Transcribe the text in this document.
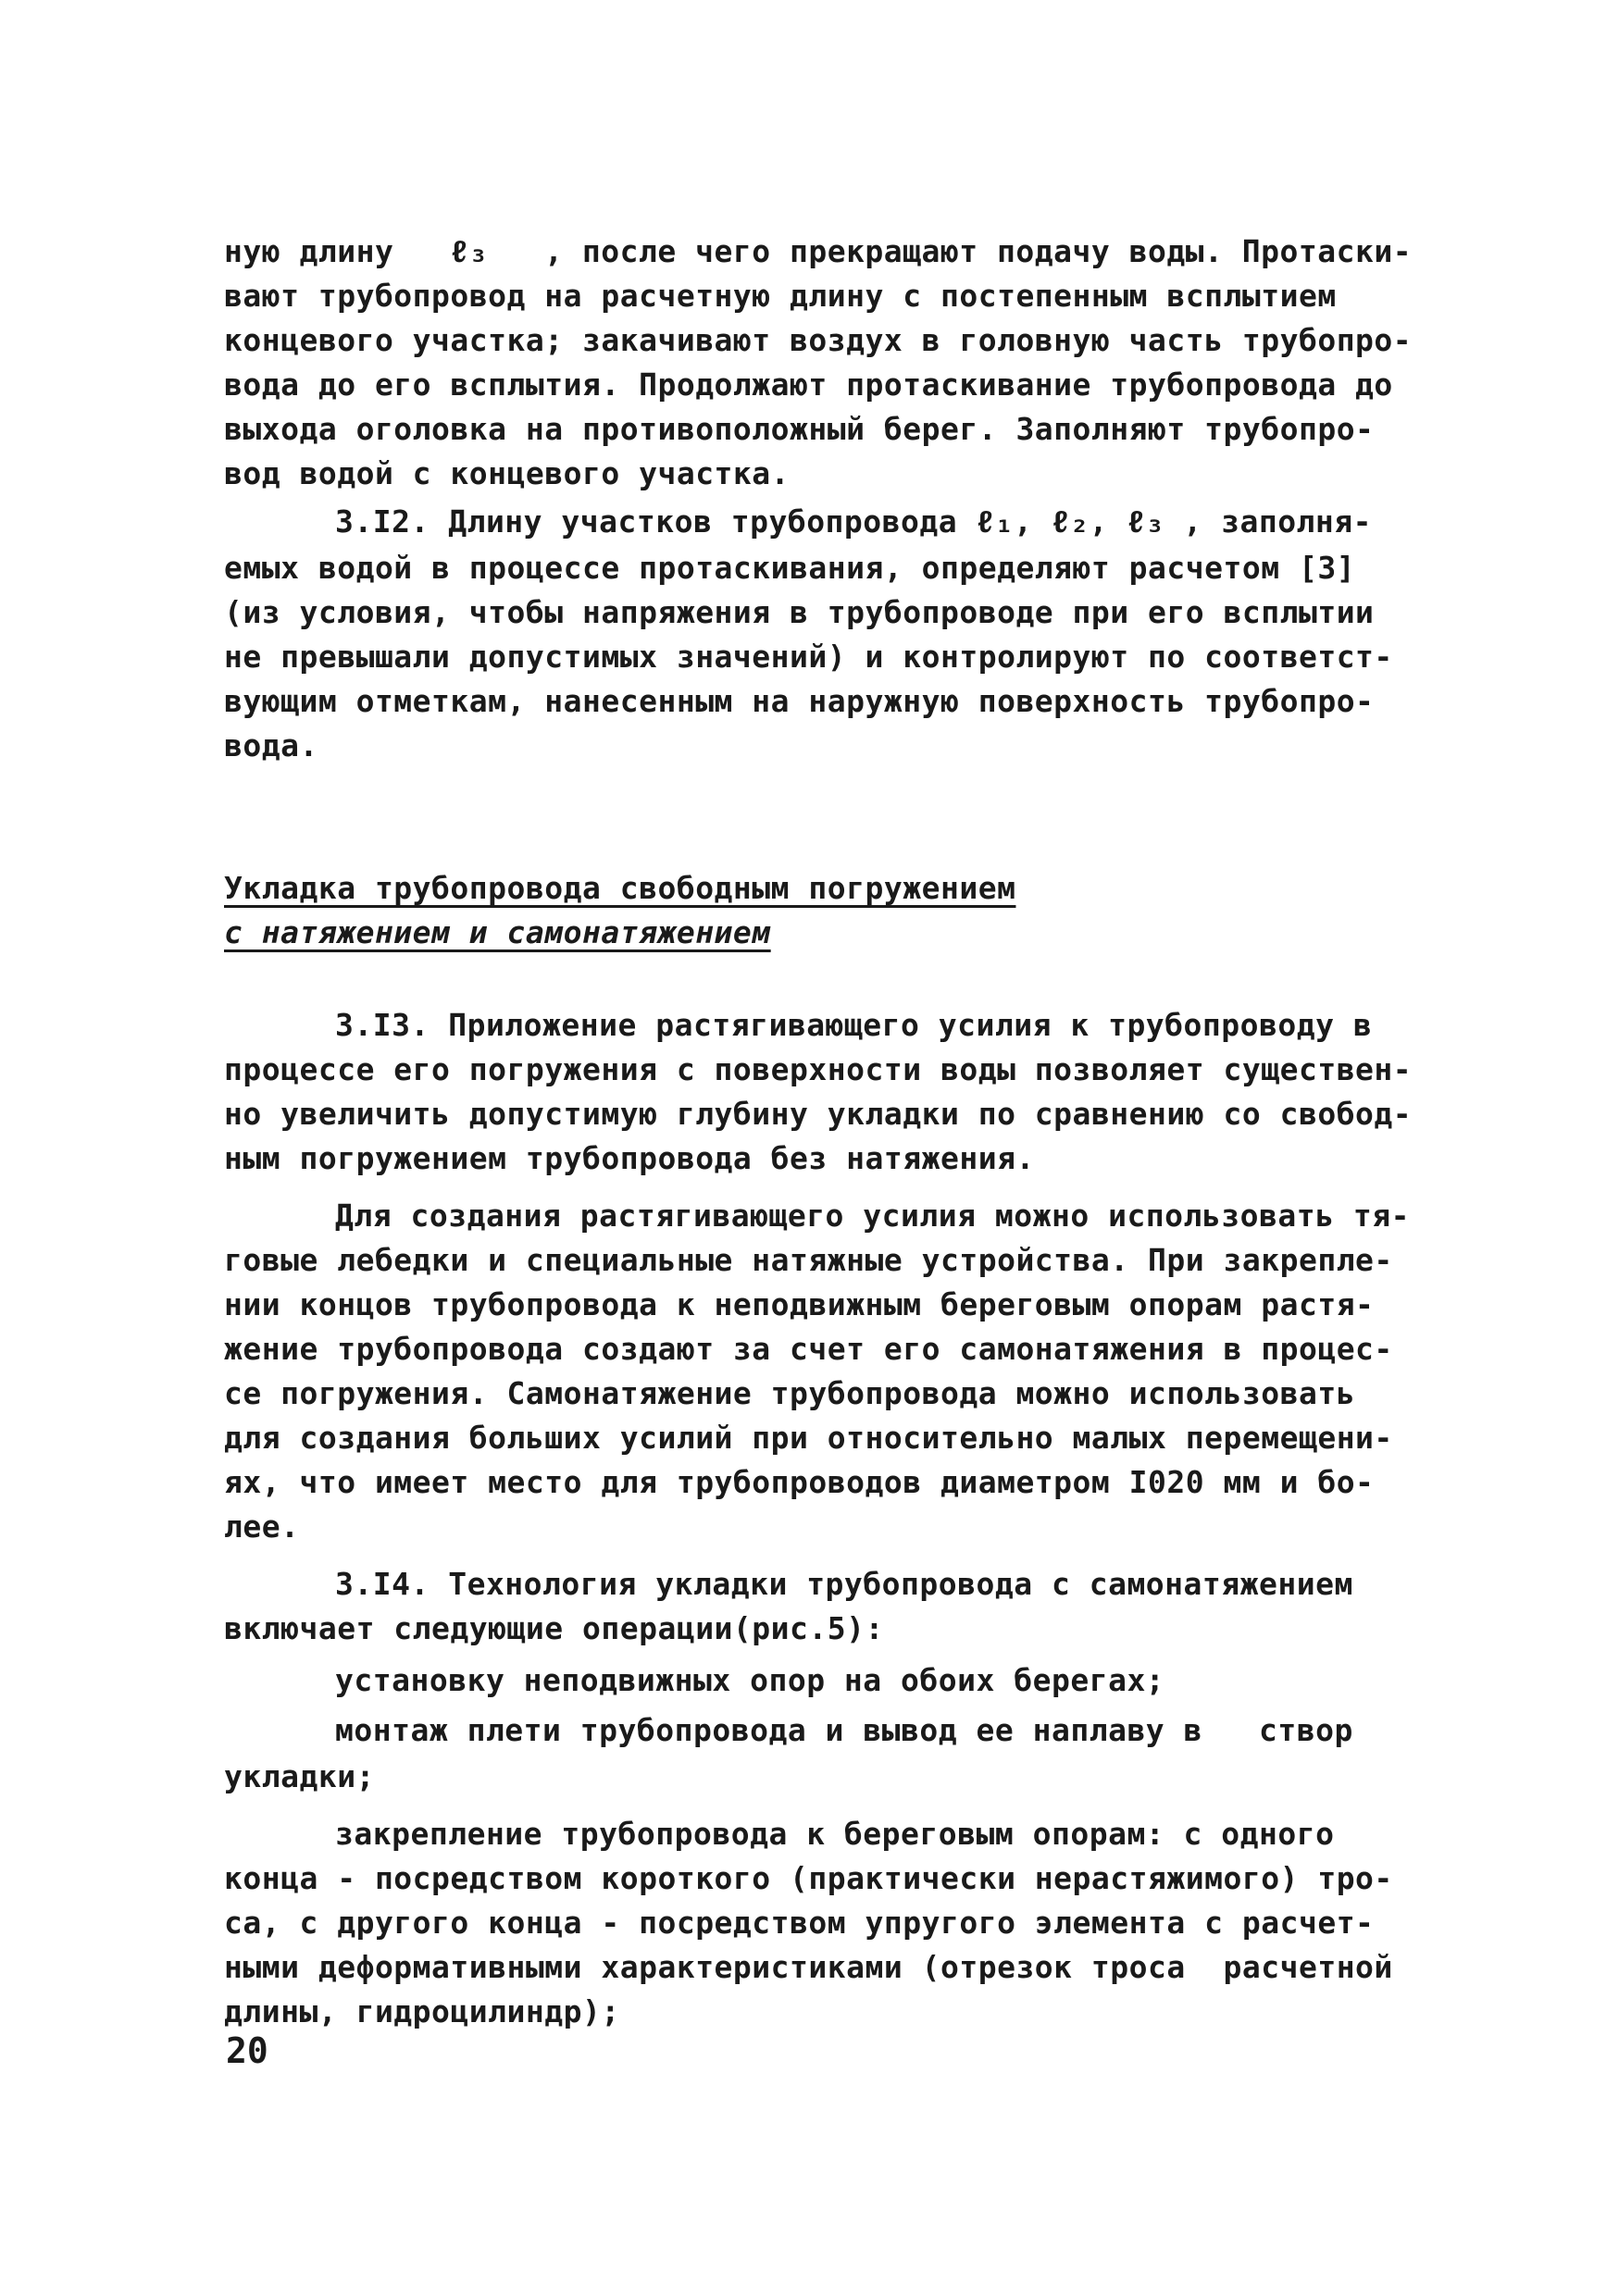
ную длину   ℓ₃   , после чего прекращают подачу воды. Протаски-
вают трубопровод на расчетную длину с постепенным всплытием
концевого участка; закачивают воздух в головную часть трубопро-
вода до его всплытия. Продолжают протаскивание трубопровода до
выхода оголовка на противоположный берег. Заполняют трубопро-
вод водой с концевого участка.
3.I2. Длину участков трубопровода ℓ₁, ℓ₂, ℓ₃ , заполня-
емых водой в процессе протаскивания, определяют расчетом [3]
(из условия, чтобы напряжения в трубопроводе при его всплытии
не превышали допустимых значений) и контролируют по соответст-
вующим отметкам, нанесенным на наружную поверхность трубопро-
вода.
Укладка трубопровода свободным погружением
с натяжением и самонатяжением
3.I3. Приложение растягивающего усилия к трубопроводу в
процессе его погружения с поверхности воды позволяет существен-
но увеличить допустимую глубину укладки по сравнению со свобод-
ным погружением трубопровода без натяжения.
Для создания растягивающего усилия можно использовать тя-
говые лебедки и специальные натяжные устройства. При закрепле-
нии концов трубопровода к неподвижным береговым опорам растя-
жение трубопровода создают за счет его самонатяжения в процес-
се погружения. Самонатяжение трубопровода можно использовать
для создания больших усилий при относительно малых перемещени-
ях, что имеет место для трубопроводов диаметром I020 мм и бо-
лее.
3.I4. Технология укладки трубопровода с самонатяжением
включает следующие операции(рис.5):
установку неподвижных опор на обоих берегах;
монтаж плети трубопровода и вывод ее наплаву в   створ
укладки;
закрепление трубопровода к береговым опорам: с одного
конца - посредством короткого (практически нерастяжимого) тро-
са, с другого конца - посредством упругого элемента с расчет-
ными деформативными характеристиками (отрезок троса  расчетной
длины, гидроцилиндр);
20
